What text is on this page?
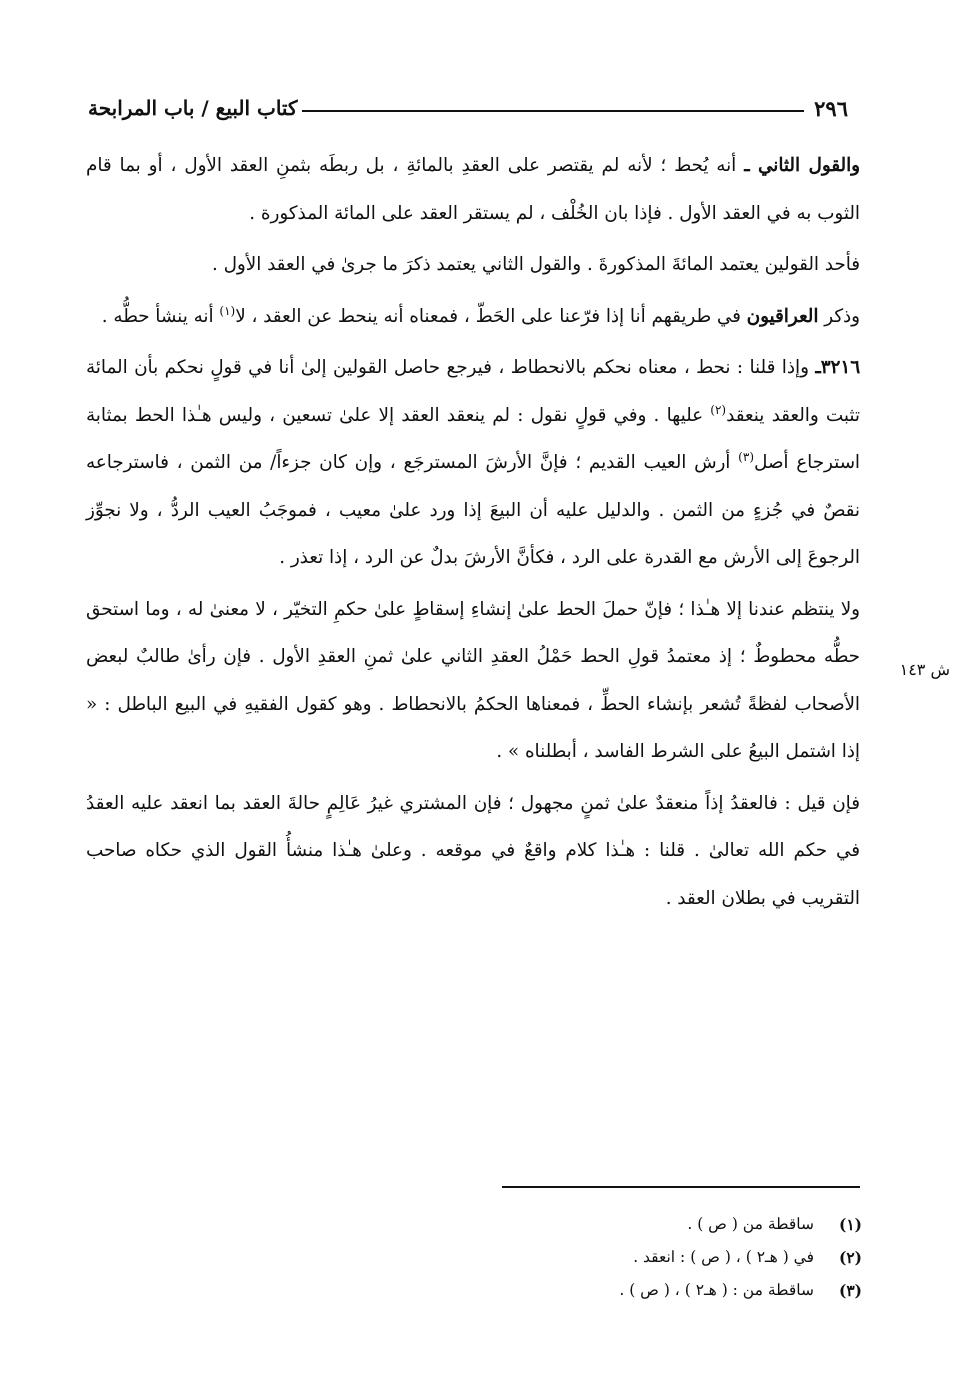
٢٩٦
كتاب البيع / باب المرابحة

والقول الثاني ـ أنه يُحط ؛ لأنه لم يقتصر على العقدِ بالمائةِ ، بل ربطَه بثمنِ العقد الأول ، أو بما قام الثوب به في العقد الأول . فإذا بان الخُلْف ، لم يستقر العقد على المائة المذكورة .

فأحد القولين يعتمد المائةَ المذكورةَ . والقول الثاني يعتمد ذكرَ ما جرىٰ في العقد الأول .

وذكر العراقيون في طريقهم أنا إذا فرّعنا على الحَطّ ، فمعناه أنه ينحط عن العقد ، لا$^{(١)}$ أنه ينشأ حطُّه .

٣٢١٦ـ وإذا قلنا : نحط ، معناه نحكم بالانحطاط ، فيرجع حاصل القولين إلىٰ أنا في قولٍ نحكم بأن المائة تثبت والعقد ينعقد$^{(٢)}$ عليها . وفي قولٍ نقول : لم ينعقد العقد إلا علىٰ تسعين ، وليس هـٰذا الحط بمثابة استرجاع أصل$^{(٣)}$ أرش العيب القديم ؛ فإنَّ الأرشَ المسترجَع ، وإن كان جزءاً/ من الثمن ، فاسترجاعه نقصٌ في جُزءٍ من الثمن . والدليل عليه أن البيعَ إذا ورد علىٰ معيب ، فموجَبُ العيب الردُّ ، ولا نجوِّز الرجوعَ إلى الأرش مع القدرة على الرد ، فكأنَّ الأرشَ بدلٌ عن الرد ، إذا تعذر .

ولا ينتظم عندنا إلا هـٰذا ؛ فإنّ حملَ الحط علىٰ إنشاءِ إسقاطٍ علىٰ حكمِ التخيّر ، لا معنىٰ له ، وما استحق حطُّه محطوطٌ ؛ إذ معتمدُ قولِ الحط حَمْلُ العقدِ الثاني علىٰ ثمنِ العقدِ الأول . فإن رأىٰ طالبٌ لبعض الأصحاب لفظةً تُشعر بإنشاء الحطِّ ، فمعناها الحكمُ بالانحطاط . وهو كقول الفقيهِ في البيع الباطل : « إذا اشتمل البيعُ على الشرط الفاسد ، أبطلناه » .

فإن قيل : فالعقدُ إذاً منعقدٌ علىٰ ثمنٍ مجهول ؛ فإن المشتري غيرُ عَالِمٍ حالةَ العقد بما انعقد عليه العقدُ في حكم الله تعالىٰ . قلنا : هـٰذا كلام واقعٌ في موقعه . وعلىٰ هـٰذا منشأُ القول الذي حكاه صاحب التقريب في بطلان العقد .

ش ١٤٣
(١)
ساقطة من ( ص ) .
(٢)
في ( هـ٢ ) ، ( ص ) : انعقد .
(٣)
ساقطة من : ( هـ٢ ) ، ( ص ) .
